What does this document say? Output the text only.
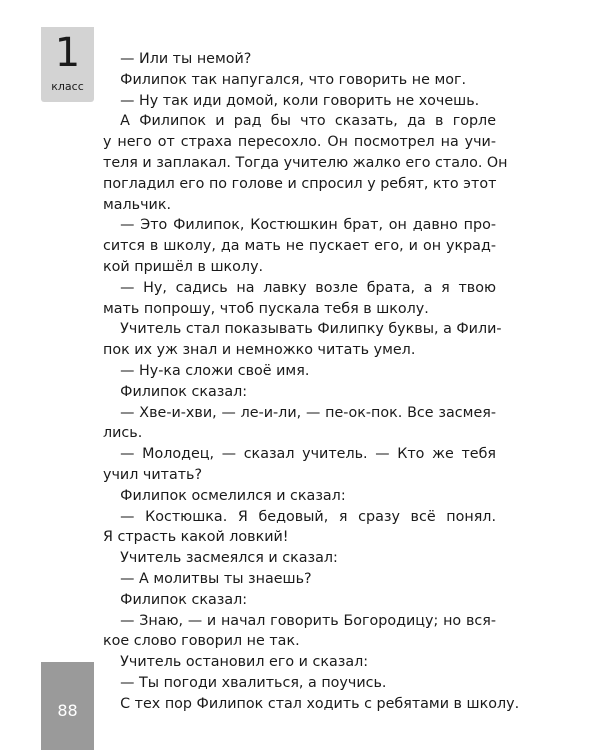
1
класс
— Или ты немой?
Филипок так напугался, что говорить не мог.
— Ну так иди домой, коли говорить не хочешь.
А Филипок и рад бы что сказать, да в горле
у него от страха пересохло. Он посмотрел на учи-
теля и заплакал. Тогда учителю жалко его стало. Он
погладил его по голове и спросил у ребят, кто этот
мальчик.
— Это Филипок, Костюшкин брат, он давно про-
сится в школу, да мать не пускает его, и он украд-
кой пришёл в школу.
— Ну, садись на лавку возле брата, а я твою
мать попрошу, чтоб пускала тебя в школу.
Учитель стал показывать Филипку буквы, а Фили-
пок их уж знал и немножко читать умел.
— Ну-ка сложи своё имя.
Филипок сказал:
— Хве-и-хви, — ле-и-ли, — пе-ок-пок. Все засмея-
лись.
— Молодец, — сказал учитель. — Кто же тебя
учил читать?
Филипок осмелился и сказал:
— Костюшка. Я бедовый, я сразу всё понял.
Я страсть какой ловкий!
Учитель засмеялся и сказал:
— А молитвы ты знаешь?
Филипок сказал:
— Знаю, — и начал говорить Богородицу; но вся-
кое слово говорил не так.
Учитель остановил его и сказал:
— Ты погоди хвалиться, а поучись.
С тех пор Филипок стал ходить с ребятами в школу.
88
